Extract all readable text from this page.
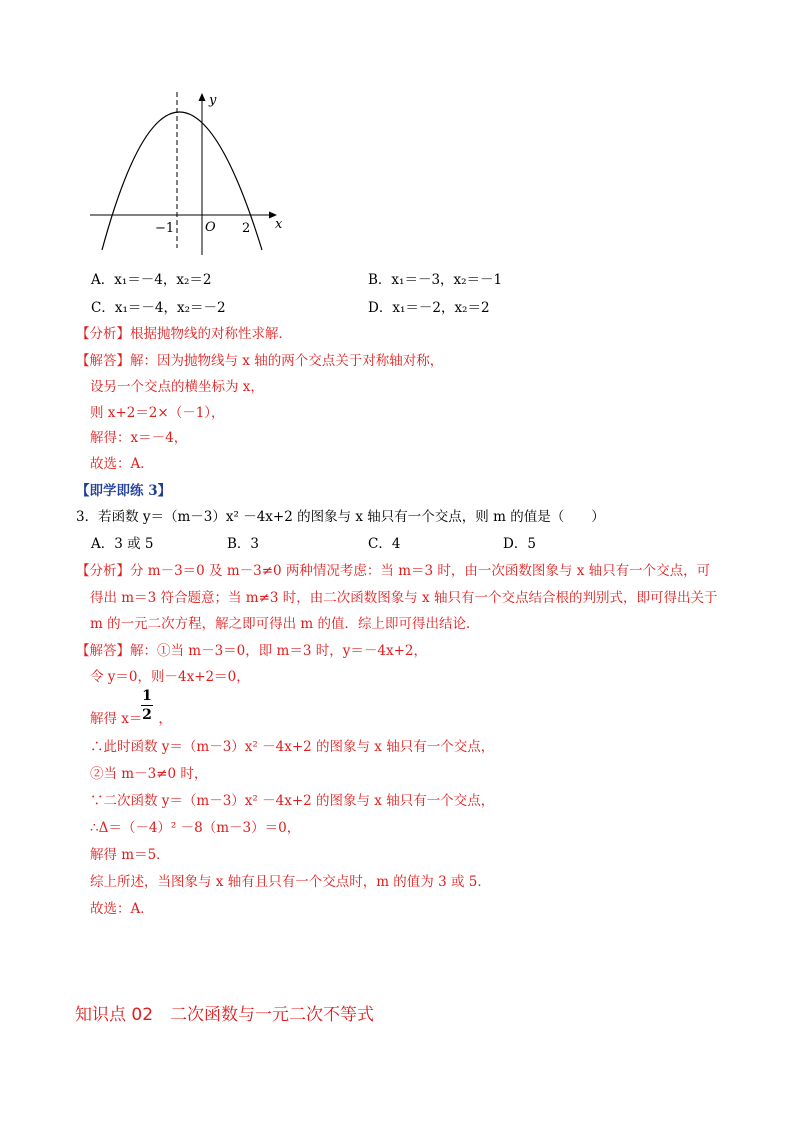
y
x
O
−1	2
A．x₁＝－4，x₂＝2	B．x₁＝－3，x₂＝－1
C．x₁＝－4，x₂＝－2	D．x₁＝－2，x₂＝2
【分析】根据抛物线的对称性求解．
【解答】解：因为抛物线与 x 轴的两个交点关于对称轴对称，
设另一个交点的横坐标为 x，
则 x+2＝2×（－1），
解得：x＝－4，
故选：A．
【即学即练 3】
3．若函数 y＝（m－3）x² －4x+2 的图象与 x 轴只有一个交点，则 m 的值是（　　）
A．3 或 5	B．3	C．4	D．5
【分析】分 m－3＝0 及 m－3≠0 两种情况考虑：当 m＝3 时，由一次函数图象与 x 轴只有一个交点，可
得出 m＝3 符合题意；当 m≠3 时，由二次函数图象与 x 轴只有一个交点结合根的判别式，即可得出关于
m 的一元二次方程，解之即可得出 m 的值．综上即可得出结论．
【解答】解：①当 m－3＝0，即 m＝3 时，y＝－4x+2，
令 y＝0，则－4x+2＝0，
解得 x＝ ，
1
2
∴此时函数 y＝（m－3）x² －4x+2 的图象与 x 轴只有一个交点，
②当 m－3≠0 时，
∵二次函数 y＝（m－3）x² －4x+2 的图象与 x 轴只有一个交点，
∴Δ＝（－4）² －8（m－3）＝0，
解得 m＝5．
综上所述，当图象与 x 轴有且只有一个交点时，m 的值为 3 或 5．
故选：A．
知识点 02　二次函数与一元二次不等式
